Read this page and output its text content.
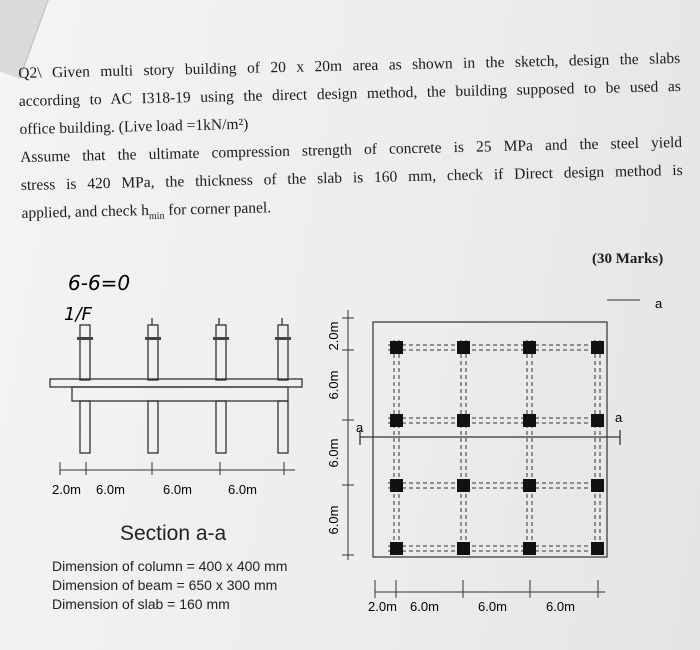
Q2\ Given multi story building of 20 x 20m area as shown in the sketch, design the slabs
according to AC I318-19 using the direct design method, the building supposed to be used as
office building. (Live load =1kN/m²)
Assume that the ultimate compression strength of concrete is 25 MPa and the steel yield
stress is 420 MPa, the thickness of the slab is 160 mm, check if Direct design method is
applied, and check $h_{min}$ for corner panel.
(30 Marks)
6-6=0
1/F
2.0m 6.0m	6.0m	6.0m
a
a
a
2.0m
6.0m
6.0m
6.0m
2.0m 6.0m	6.0m	6.0m
Section a-a
Dimension of column = 400 x 400 mm
Dimension of beam = 650 x 300 mm
Dimension of slab = 160 mm
